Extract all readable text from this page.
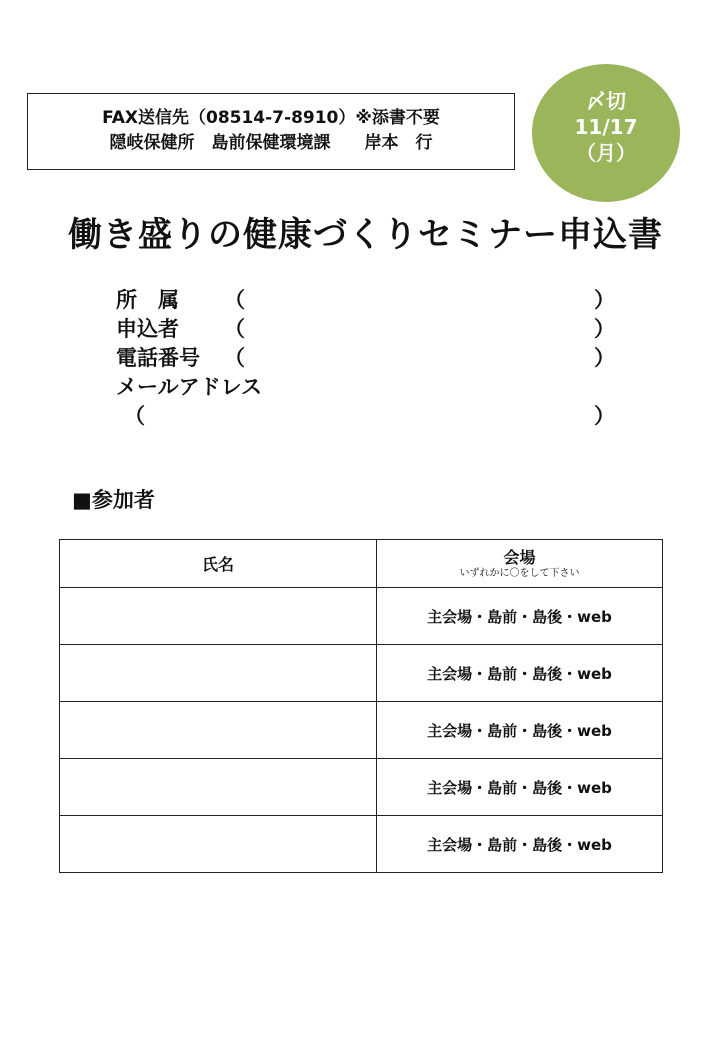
FAX送信先（08514-7-8910）※添書不要
隠岐保健所　島前保健環境課　　岸本　行
〆切
11/17
（月）
働き盛りの健康づくりセミナー申込書
所　属 （	）
申込者 （	）
電話番号 （	）
メールアドレス
（	）
■参加者
氏名	会場
いずれかに〇をして下さい

	主会場・島前・島後・web
	主会場・島前・島後・web
	主会場・島前・島後・web
	主会場・島前・島後・web
	主会場・島前・島後・web
